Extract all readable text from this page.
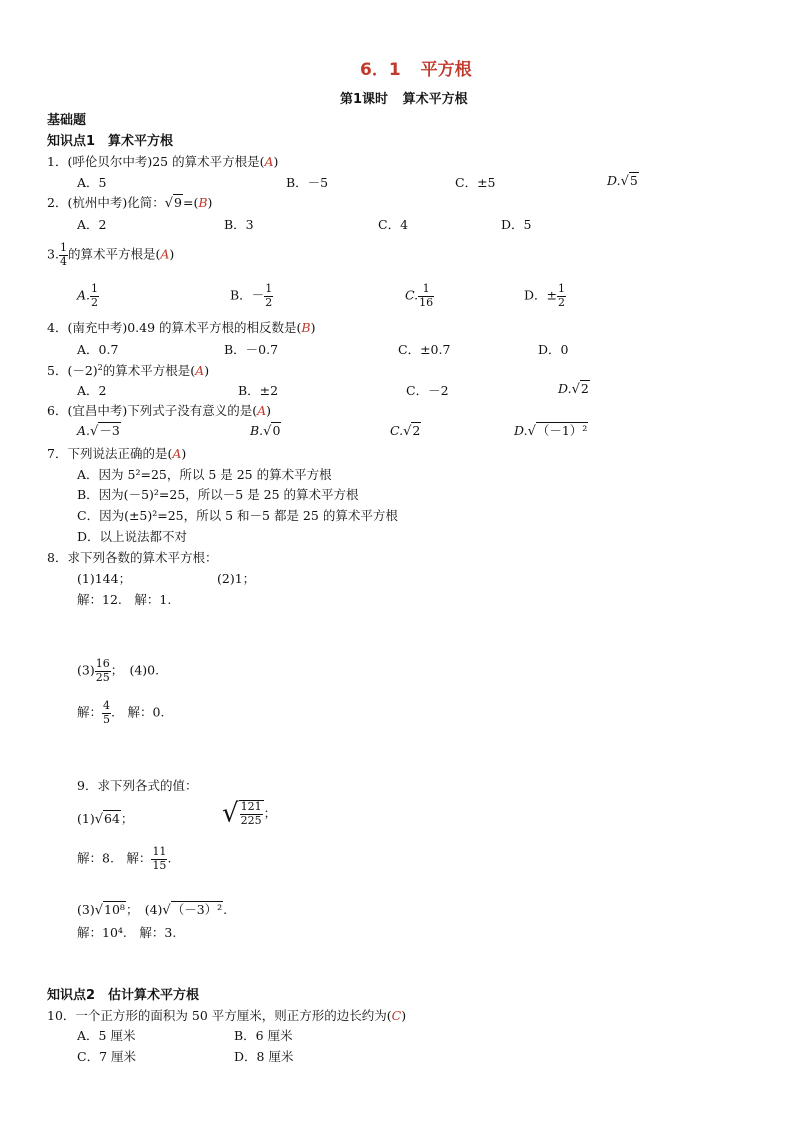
6．1 平方根
第1课时 算术平方根
基础题
知识点1　算术平方根
1．(呼伦贝尔中考)25 的算术平方根是(A)
A．5	B．－5	C．±5	D.√5
2．(杭州中考)化简：√9=(B)
A．2	B．3	C．4	D．5
3. $\frac{1}{4}$ 的算术平方根是(A)
A. $\frac{1}{2}$	B．－ $\frac{1}{2}$	C. $\frac{1}{16}$	D．± $\frac{1}{2}$
4．(南充中考)0.49 的算术平方根的相反数是(B)
A．0.7	B．－0.7	C．±0.7	D．0
5．$(-2)^2$的算术平方根是(A)
A．2	B．±2	C．－2	D.√2
6．(宜昌中考)下列式子没有意义的是(A)
A.√－3	B.√0	C.√2	D.√（－1）²
7．下列说法正确的是(A)
A．因为 5²=25，所以 5 是 25 的算术平方根
B．因为(－5)²=25，所以－5 是 25 的算术平方根
C．因为(±5)²=25，所以 5 和－5 都是 25 的算术平方根
D．以上说法都不对
8．求下列各数的算术平方根：
(1)144；	(2)1；
解：12.　解：1.
$(3) \frac{16}{25}$ ；　(4)0.
解： $\frac{4}{5}$ .　解：0.
9．求下列各式的值：
(1)√64；	√ $\frac{121}{225}$ ；
解：8.　解： $\frac{11}{15}$ .
(3)√10⁸；　(4)√（－3）².
解：10⁴.　解：3.
知识点2　估计算术平方根
10．一个正方形的面积为 50 平方厘米，则正方形的边长约为(C)
A．5 厘米	B．6 厘米
C．7 厘米	D．8 厘米
